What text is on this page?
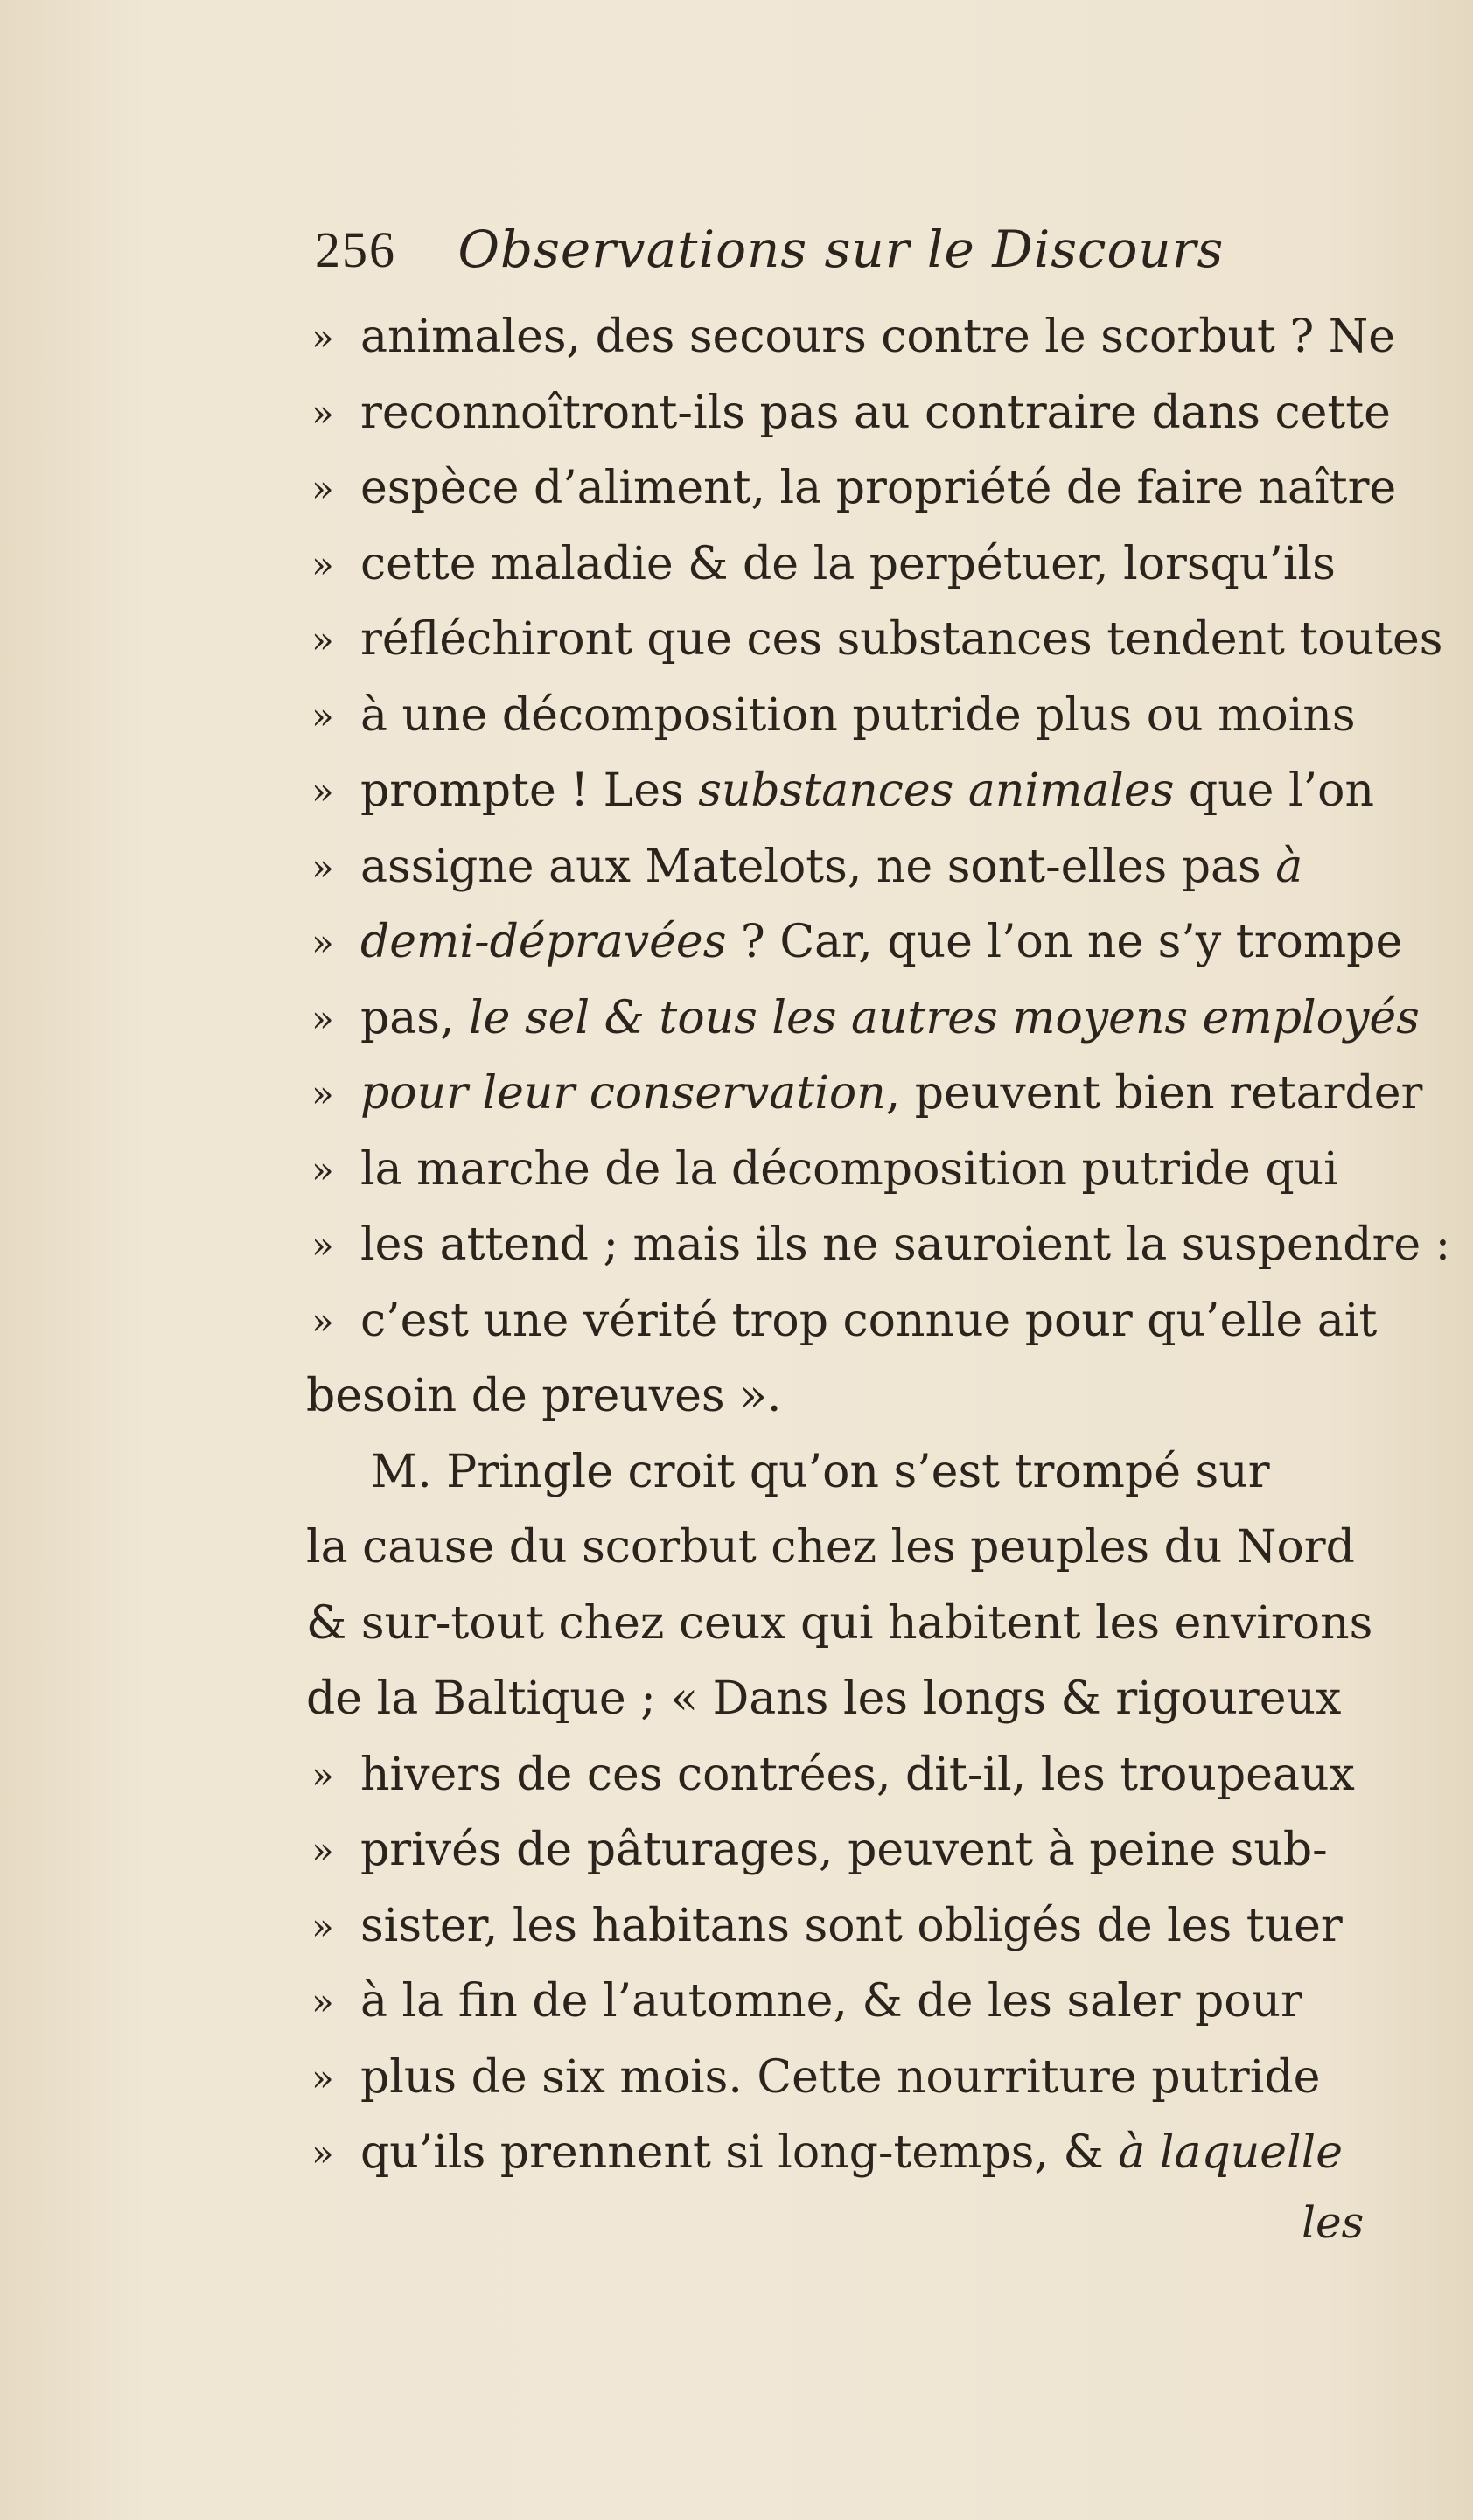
256 Observations sur le Discours
» animales, des secours contre le scorbut ? Ne
» reconnoîtront-ils pas au contraire dans cette
» espèce d’aliment, la propriété de faire naître
» cette maladie & de la perpétuer, lorsqu’ils
» réfléchiront que ces substances tendent toutes
» à une décomposition putride plus ou moins
» prompte ! Les substances animales que l’on
» assigne aux Matelots, ne sont-elles pas à
» demi-dépravées ? Car, que l’on ne s’y trompe
» pas, le sel & tous les autres moyens employés
» pour leur conservation, peuvent bien retarder
» la marche de la décomposition putride qui
» les attend ; mais ils ne sauroient la suspendre :
» c’est une vérité trop connue pour qu’elle ait
besoin de preuves ».
M. Pringle croit qu’on s’est trompé sur
la cause du scorbut chez les peuples du Nord
& sur-tout chez ceux qui habitent les environs
de la Baltique ; « Dans les longs & rigoureux
» hivers de ces contrées, dit-il, les troupeaux
» privés de pâturages, peuvent à peine sub-
» sister, les habitans sont obligés de les tuer
» à la fin de l’automne, & de les saler pour
» plus de six mois. Cette nourriture putride
» qu’ils prennent si long-temps, & à laquelle
les
